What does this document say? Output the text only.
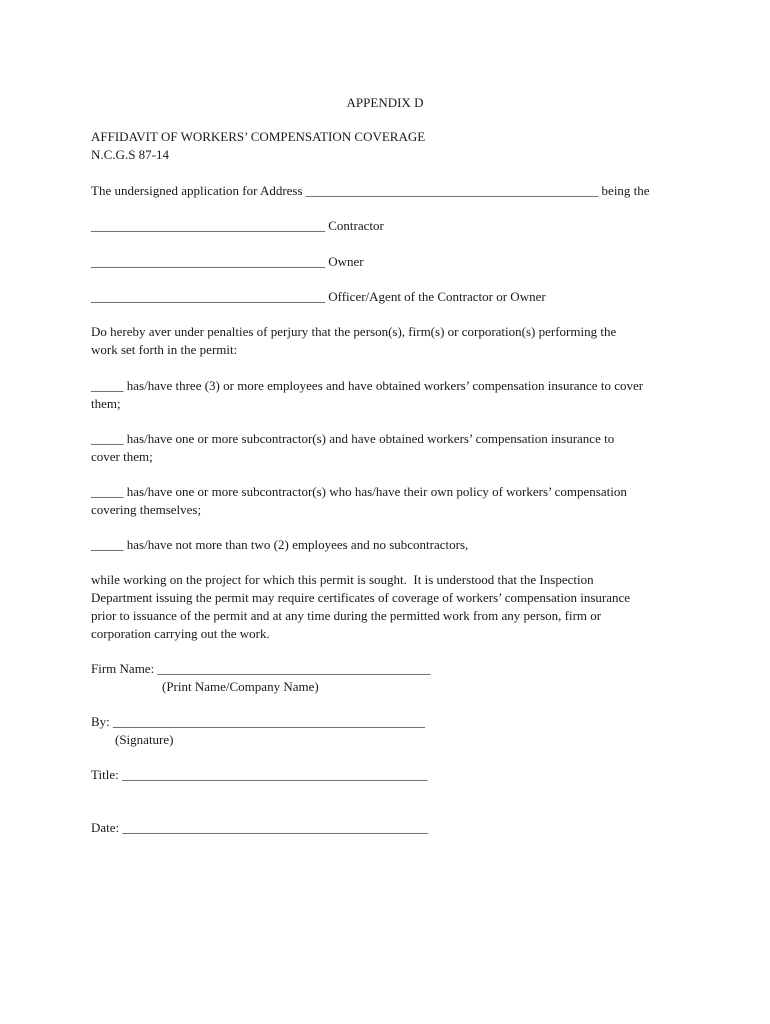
APPENDIX D
AFFIDAVIT OF WORKERS’ COMPENSATION COVERAGE
N.C.G.S 87-14
The undersigned application for Address _____________________________________________ being the
____________________________________ Contractor
____________________________________ Owner
____________________________________ Officer/Agent of the Contractor or Owner
Do hereby aver under penalties of perjury that the person(s), firm(s) or corporation(s) performing the
work set forth in the permit:
_____ has/have three (3) or more employees and have obtained workers’ compensation insurance to cover
them;
_____ has/have one or more subcontractor(s) and have obtained workers’ compensation insurance to
cover them;
_____ has/have one or more subcontractor(s) who has/have their own policy of workers’ compensation
covering themselves;
_____ has/have not more than two (2) employees and no subcontractors,
while working on the project for which this permit is sought.  It is understood that the Inspection
Department issuing the permit may require certificates of coverage of workers’ compensation insurance
prior to issuance of the permit and at any time during the permitted work from any person, firm or
corporation carrying out the work.
Firm Name: __________________________________________
(Print Name/Company Name)
By: ________________________________________________
(Signature)
Title: _______________________________________________
Date: _______________________________________________
